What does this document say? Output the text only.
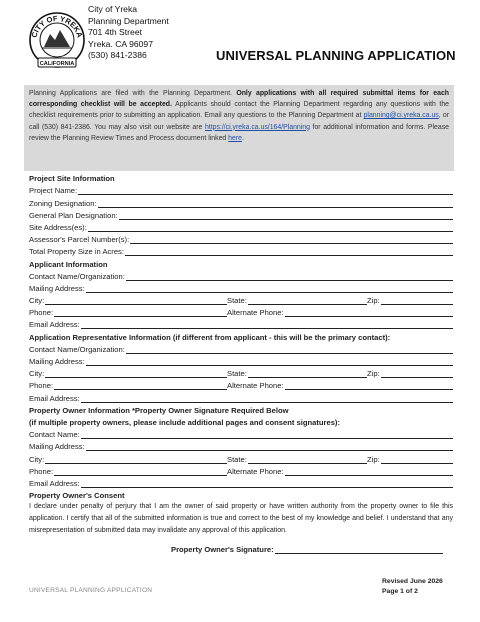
CITY OF YREKA
CALIFORNIA
City of Yreka
Planning Department
701 4th Street
Yreka. CA 96097
(530) 841-2386	UNIVERSAL PLANNING APPLICATION
Planning Applications are filed with the Planning Department. Only applications with all required submittal items for each corresponding checklist will be accepted. Applicants should contact the Planning Department regarding any questions with the checklist requirements prior to submitting an application. Email any questions to the Planning Department at planning@ci.yreka.ca.us, or call (530) 841-2386. You may also visit our website are https://ci.yreka.ca.us/164/Planning for additional information and forms. Please review the Planning Review Times and Process document linked here.
Project Site Information
Project Name:
Zoning Designation:
General Plan Designation:
Site Address(es):
Assessor's Parcel Number(s):
Total Property Size in Acres:
Applicant Information
Contact Name/Organization:
Mailing Address:
City:	State:	Zip:
Phone:	Alternate Phone:
Email Address:
Application Representative Information (if different from applicant - this will be the primary contact):
Contact Name/Organization:
Mailing Address:
City:	State:	Zip:
Phone:	Alternate Phone:
Email Address:
Property Owner Information *Property Owner Signature Required Below
(if multiple property owners, please include additional pages and consent signatures):
Contact Name:
Mailing Address:
City:	State:	Zip:
Phone:	Alternate Phone:
Email Address:
Property Owner's Consent
I declare under penalty of perjury that I am the owner of said property or have written authority from the property owner to file this application. I certify that all of the submitted information is true and correct to the best of my knowledge and belief. I understand that any misrepresentation of submitted data may invalidate any approval of this application.
Property Owner's Signature:
UNIVERSAL PLANNING APPLICATION
Revised June 2026
Page 1 of 2
